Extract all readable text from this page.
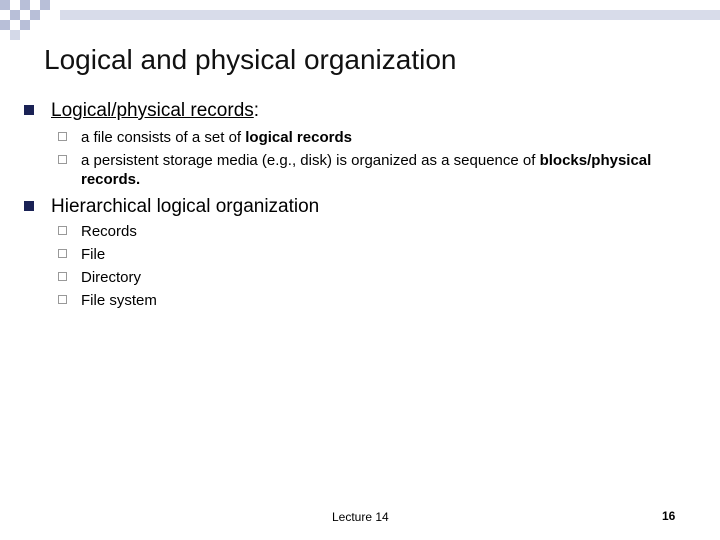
Logical and physical organization
Logical/physical records:
a file consists of a set of logical records
a persistent storage media (e.g., disk) is organized as a sequence of blocks/physical records.
Hierarchical logical organization
Records
File
Directory
File system
Lecture 14	16
